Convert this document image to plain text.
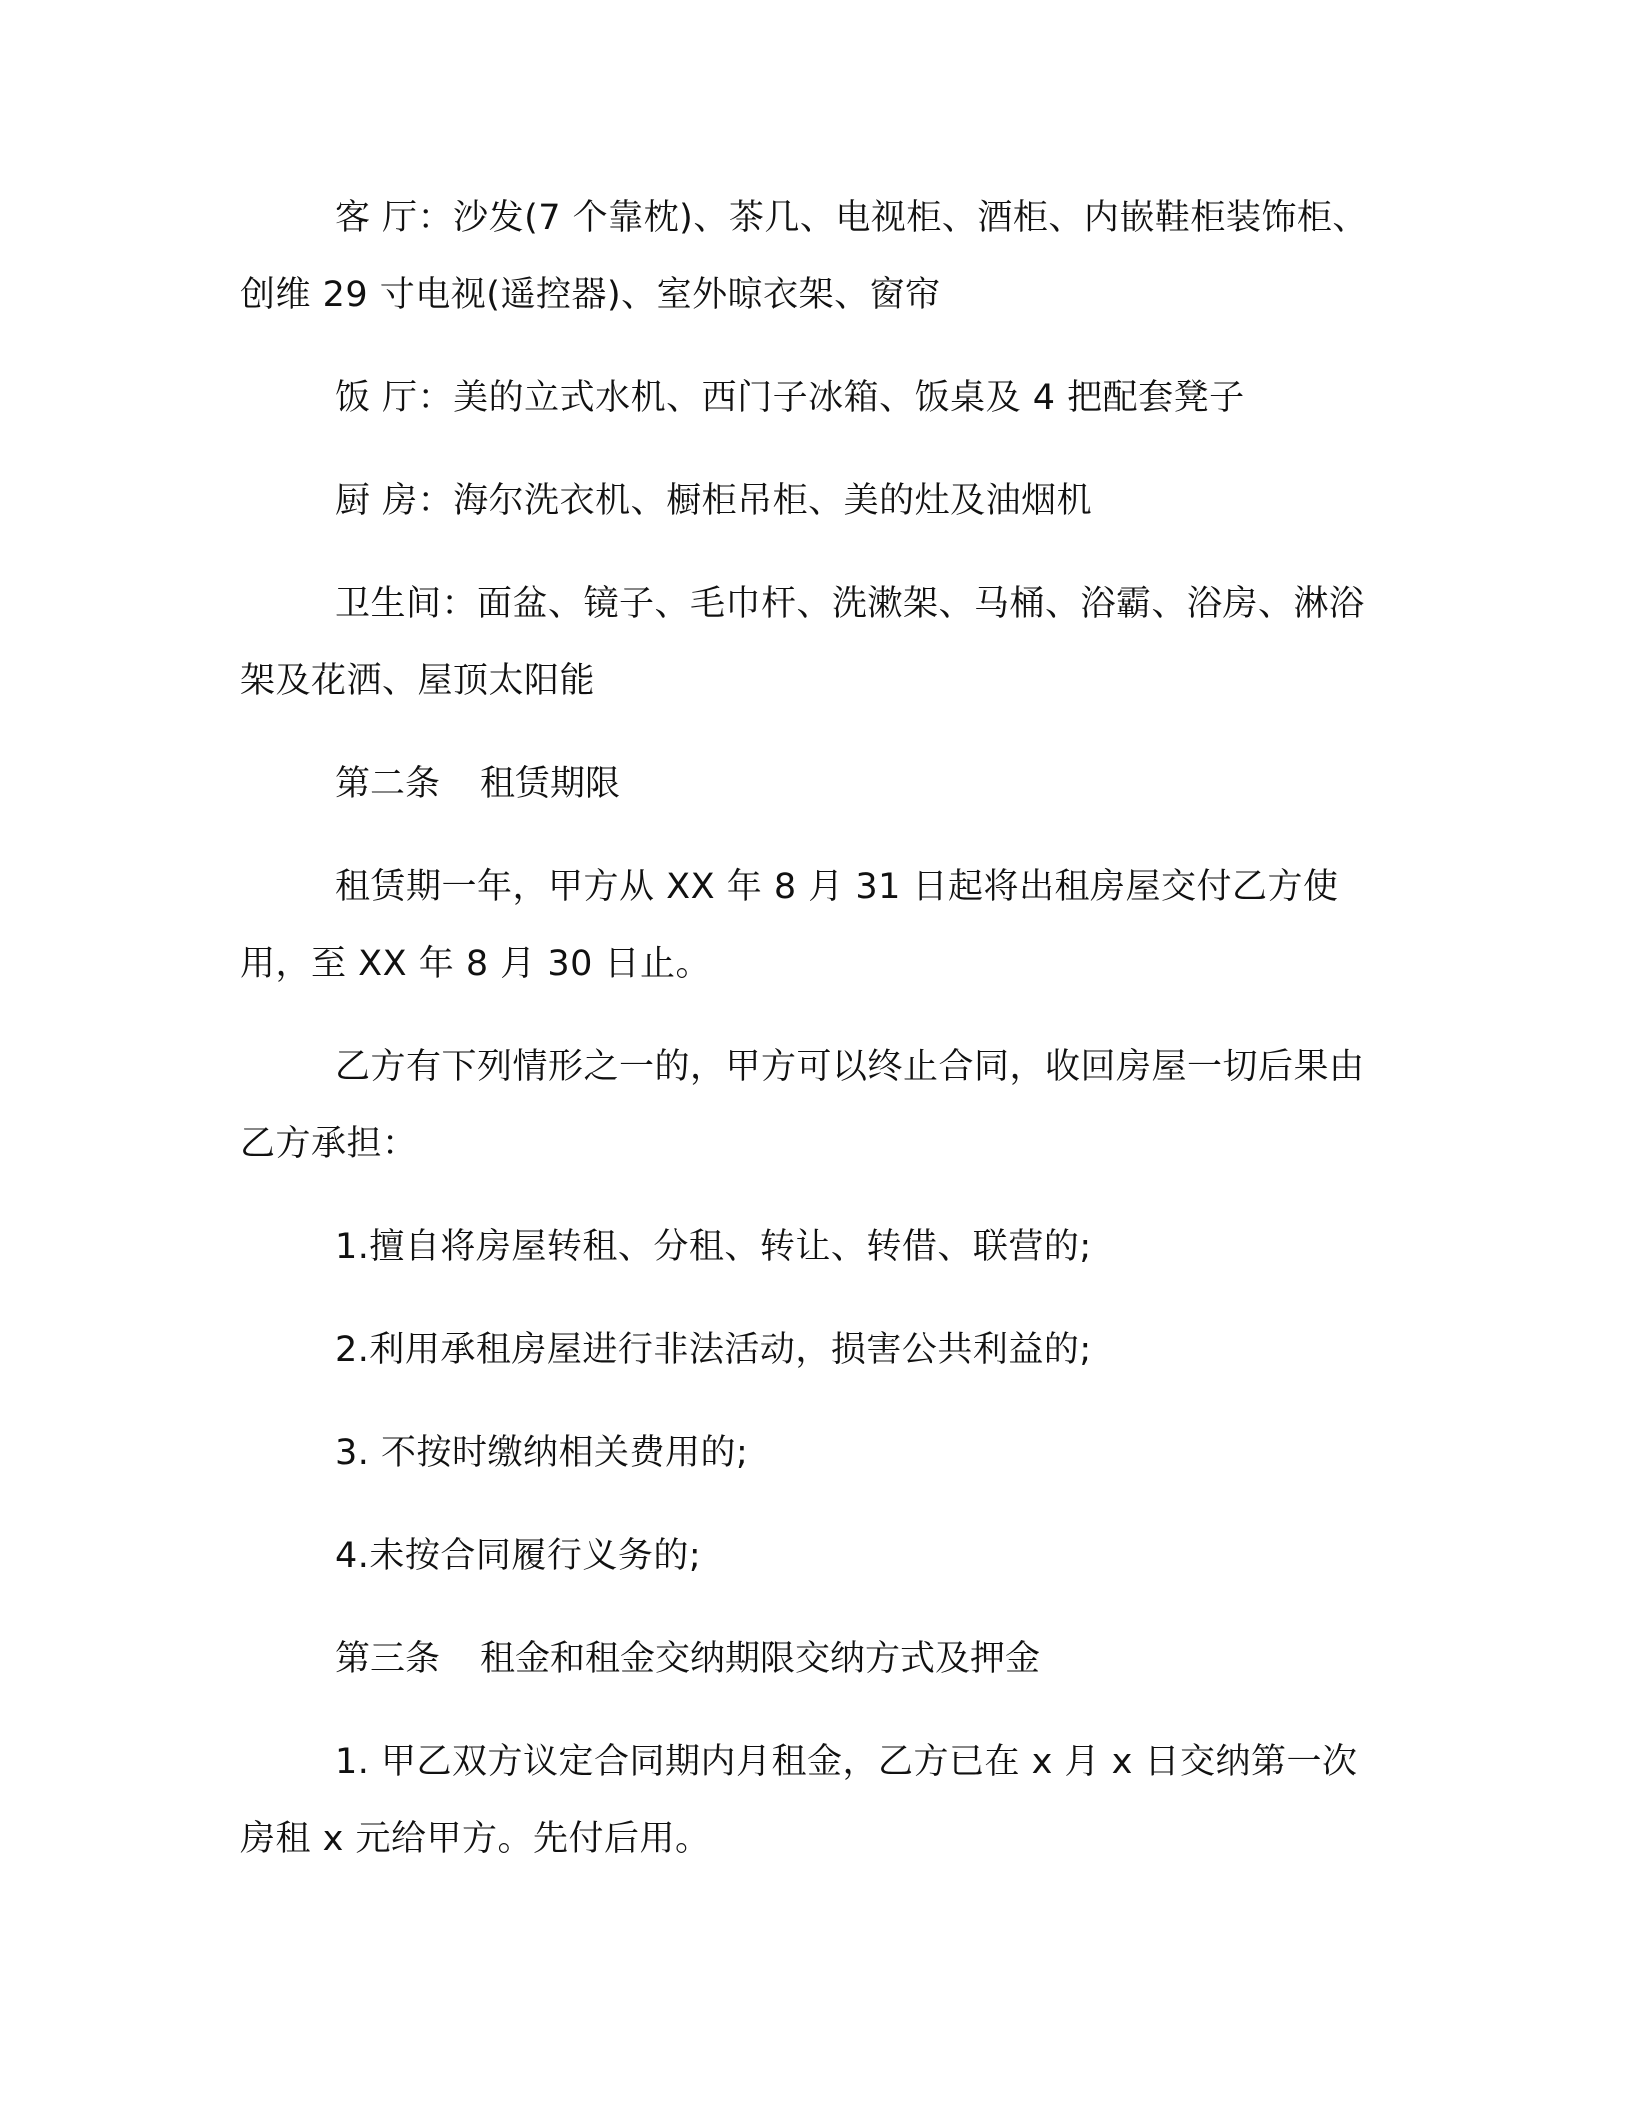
客 厅：沙发(7 个靠枕)、茶几、电视柜、酒柜、内嵌鞋柜装饰柜、创维 29 寸电视(遥控器)、室外晾衣架、窗帘

饭 厅：美的立式水机、西门子冰箱、饭桌及 4 把配套凳子

厨 房：海尔洗衣机、橱柜吊柜、美的灶及油烟机

卫生间：面盆、镜子、毛巾杆、洗漱架、马桶、浴霸、浴房、淋浴架及花洒、屋顶太阳能

第二条 租赁期限

租赁期一年，甲方从 XX 年 8 月 31 日起将出租房屋交付乙方使用，至 XX 年 8 月 30 日止。

乙方有下列情形之一的，甲方可以终止合同，收回房屋一切后果由乙方承担：

1.擅自将房屋转租、分租、转让、转借、联营的;

2.利用承租房屋进行非法活动，损害公共利益的;

3. 不按时缴纳相关费用的;

4.未按合同履行义务的;

第三条 租金和租金交纳期限交纳方式及押金

1. 甲乙双方议定合同期内月租金，乙方已在 x 月 x 日交纳第一次房租 x 元给甲方。先付后用。
